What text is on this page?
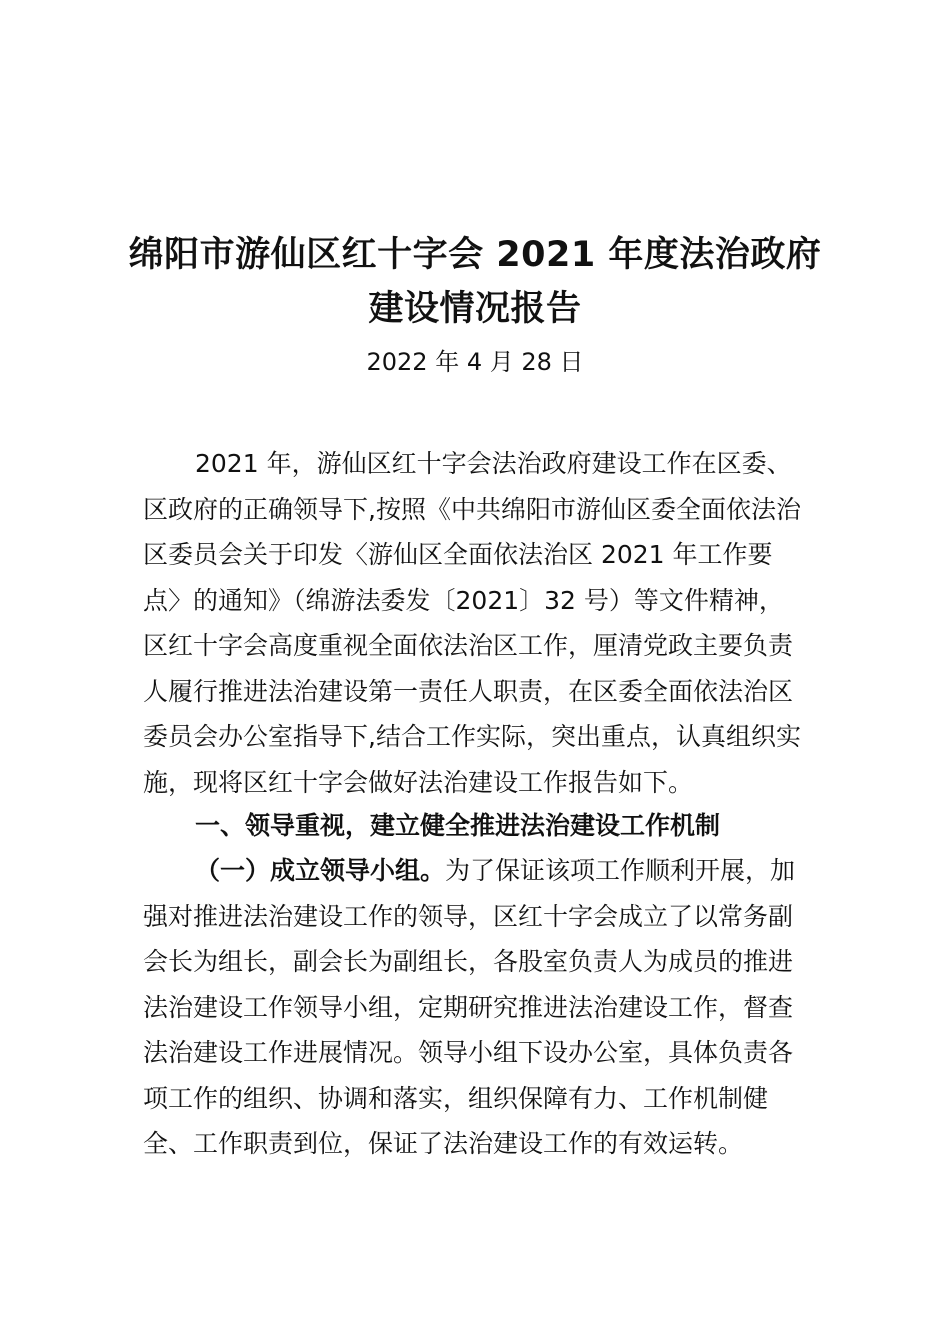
绵阳市游仙区红十字会 2021 年度法治政府

建设情况报告

2022 年 4 月 28 日

2021 年，游仙区红十字会法治政府建设工作在区委、区政府的正确领导下,按照《中共绵阳市游仙区委全面依法治区委员会关于印发〈游仙区全面依法治区 2021 年工作要点〉的通知》（绵游法委发〔2021〕32 号）等文件精神，区红十字会高度重视全面依法治区工作，厘清党政主要负责人履行推进法治建设第一责任人职责，在区委全面依法治区委员会办公室指导下,结合工作实际，突出重点，认真组织实施，现将区红十字会做好法治建设工作报告如下。

一、领导重视，建立健全推进法治建设工作机制

（一）成立领导小组。为了保证该项工作顺利开展，加强对推进法治建设工作的领导，区红十字会成立了以常务副会长为组长，副会长为副组长，各股室负责人为成员的推进法治建设工作领导小组，定期研究推进法治建设工作，督查法治建设工作进展情况。领导小组下设办公室，具体负责各项工作的组织、协调和落实，组织保障有力、工作机制健全、工作职责到位，保证了法治建设工作的有效运转。
